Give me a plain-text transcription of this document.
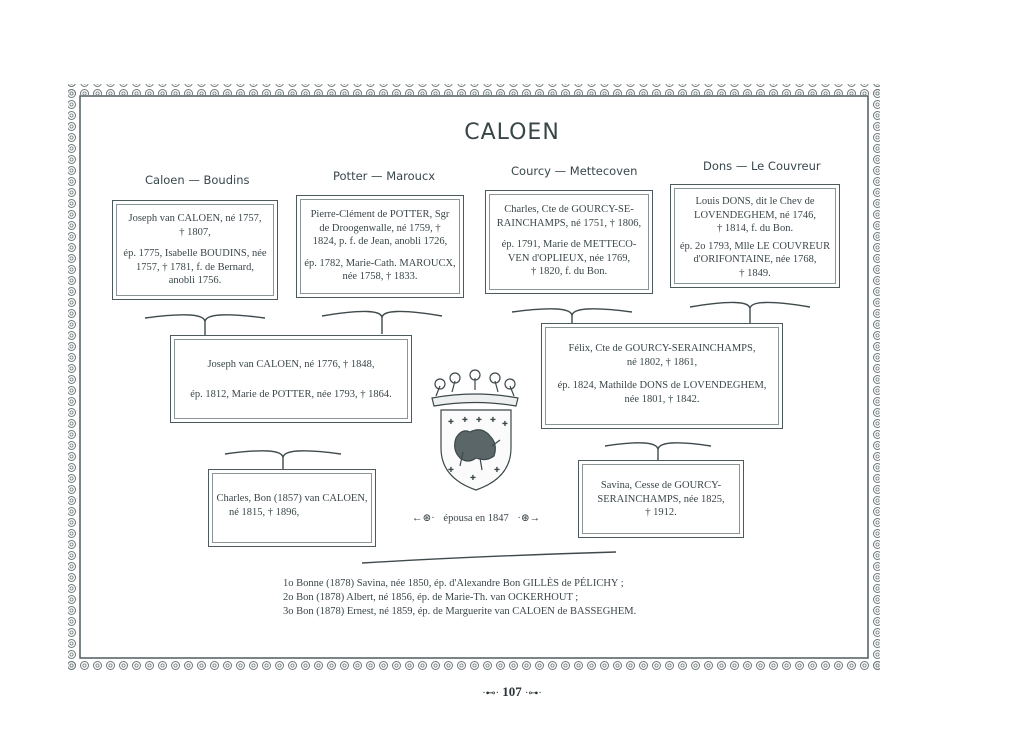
CALOEN
Caloen — Boudins	Potter — Maroucx	Courcy — Mettecoven	Dons — Le Couvreur
Joseph van CALOEN, né 1757,
† 1807,
ép. 1775, Isabelle BOUDINS, née
1757, † 1781, f. de Bernard,
anobli 1756.
Pierre-Clément de POTTER, Sgr
de Droogenwalle, né 1759, †
1824, p. f. de Jean, anobli 1726,
ép. 1782, Marie-Cath. MAROUCX,
née 1758, † 1833.
Charles, Cte de GOURCY-SE-
RAINCHAMPS, né 1751, † 1806,
ép. 1791, Marie de METTECO-
VEN d'OPLIEUX, née 1769,
† 1820, f. du Bon.
Louis DONS, dit le Chev de
LOVENDEGHEM, né 1746,
† 1814, f. du Bon.
ép. 2o 1793, Mlle LE COUVREUR
d'ORIFONTAINE, née 1768,
† 1849.
Joseph van CALOEN, né 1776, † 1848,
ép. 1812, Marie de POTTER, née 1793, † 1864.
Félix, Cte de GOURCY-SERAINCHAMPS,
né 1802, † 1861,
ép. 1824, Mathilde DONS de LOVENDEGHEM,
née 1801, † 1842.
Charles, Bon (1857) van CALOEN,
né 1815, † 1896,
Savina, Cesse de GOURCY-
SERAINCHAMPS, née 1825,
† 1912.
✚ ✚ ✚ ✚ ✚
✚
✚
✚
←⊛· épousa en 1847 ·⊛→
1o Bonne (1878) Savina, née 1850, ép. d'Alexandre Bon GILLÈS de PÉLICHY ;
2o Bon (1878) Albert, né 1856, ép. de Marie-Th. van OCKERHOUT ;
3o Bon (1878) Ernest, né 1859, ép. de Marguerite van CALOEN de BASSEGHEM.
·⊷· 107 ·⊶·
